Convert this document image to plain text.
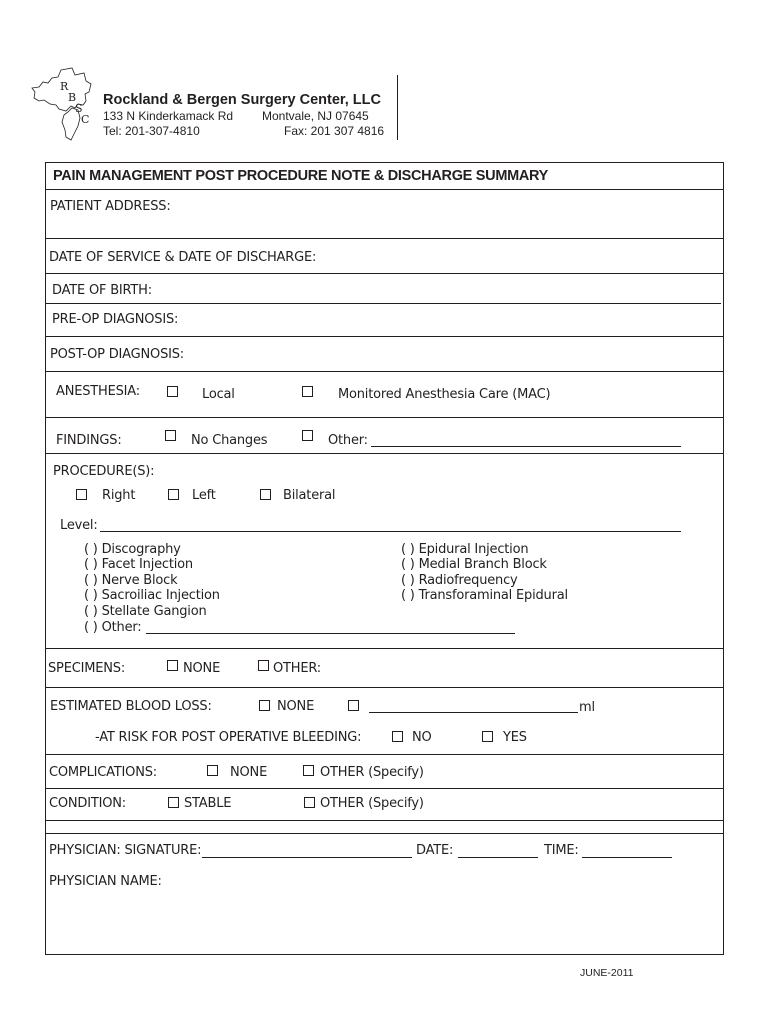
R
B
S
C
Rockland & Bergen Surgery Center, LLC
133 N Kinderkamack Rd Montvale, NJ 07645
Tel: 201-307-4810	Fax: 201 307 4816
PAIN MANAGEMENT POST PROCEDURE NOTE & DISCHARGE SUMMARY
PATIENT ADDRESS:
DATE OF SERVICE & DATE OF DISCHARGE:
DATE OF BIRTH:
PRE-OP DIAGNOSIS:
POST-OP DIAGNOSIS:
ANESTHESIA:	Local	Monitored Anesthesia Care (MAC)
FINDINGS:	No Changes	Other:
PROCEDURE(S):
Right	Left	Bilateral
Level:
( ) Discography
( ) Facet Injection
( ) Nerve Block
( ) Sacroiliac Injection
( ) Stellate Gangion
( ) Other:
( ) Epidural Injection
( ) Medial Branch Block
( ) Radiofrequency
( ) Transforaminal Epidural
SPECIMENS:	NONE	OTHER:
ESTIMATED BLOOD LOSS:	NONE	ml
-AT RISK FOR POST OPERATIVE BLEEDING:	NO	YES
COMPLICATIONS:	NONE	OTHER (Specify)
CONDITION:	STABLE	OTHER (Specify)
PHYSICIAN: SIGNATURE:	DATE:	TIME:
PHYSICIAN NAME:
JUNE-2011
